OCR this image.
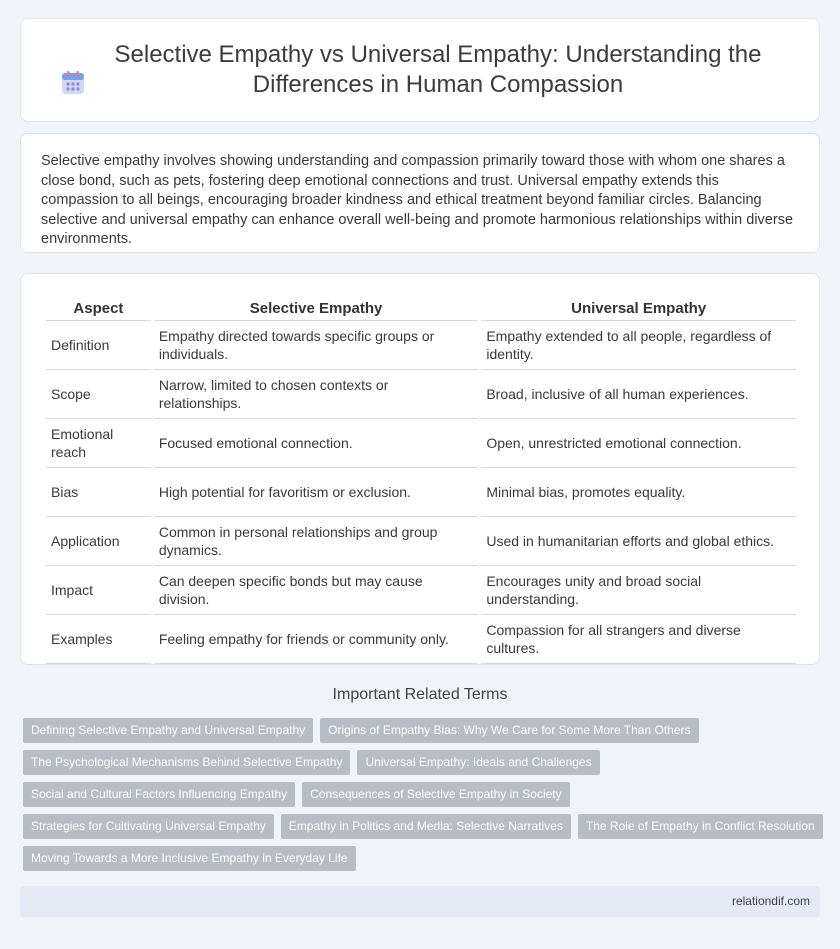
Selective Empathy vs Universal Empathy: Understanding the Differences in Human Compassion

Selective empathy involves showing understanding and compassion primarily toward those with whom one shares a close bond, such as pets, fostering deep emotional connections and trust. Universal empathy extends this compassion to all beings, encouraging broader kindness and ethical treatment beyond familiar circles. Balancing selective and universal empathy can enhance overall well-being and promote harmonious relationships within diverse environments.

Aspect	Selective Empathy	Universal Empathy
Definition	Empathy directed towards specific groups or individuals.	Empathy extended to all people, regardless of identity.
Scope	Narrow, limited to chosen contexts or relationships.	Broad, inclusive of all human experiences.
Emotional reach	Focused emotional connection.	Open, unrestricted emotional connection.
Bias	High potential for favoritism or exclusion.	Minimal bias, promotes equality.
Application	Common in personal relationships and group dynamics.	Used in humanitarian efforts and global ethics.
Impact	Can deepen specific bonds but may cause division.	Encourages unity and broad social understanding.
Examples	Feeling empathy for friends or community only.	Compassion for all strangers and diverse cultures.
Important Related Terms
Defining Selective Empathy and Universal Empathy	Origins of Empathy Bias: Why We Care for Some More Than Others
The Psychological Mechanisms Behind Selective Empathy	Universal Empathy: Ideals and Challenges
Social and Cultural Factors Influencing Empathy	Consequences of Selective Empathy in Society
Strategies for Cultivating Universal Empathy	Empathy in Politics and Media: Selective Narratives	The Role of Empathy in Conflict Resolution
Moving Towards a More Inclusive Empathy in Everyday Life
relationdif.com
